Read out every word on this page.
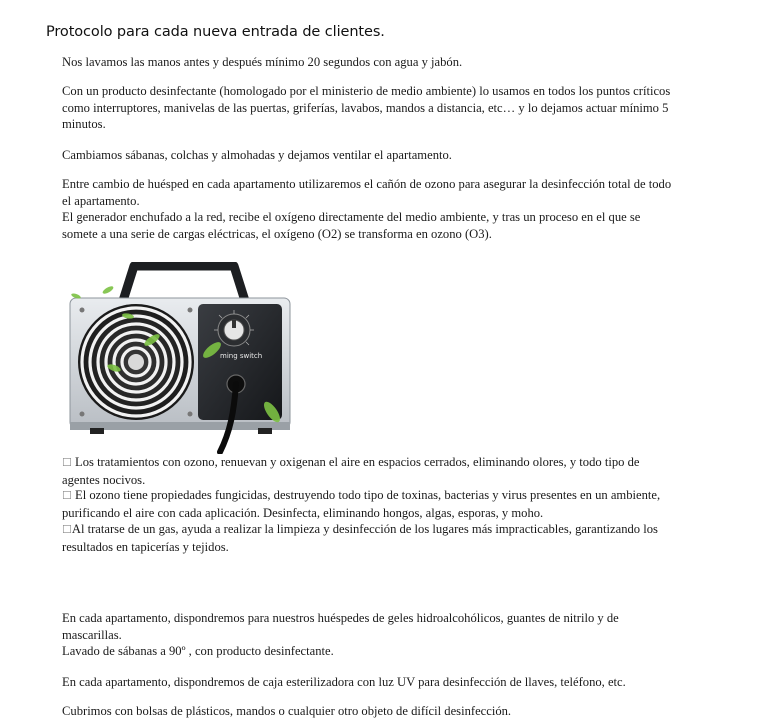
Protocolo para cada nueva entrada de clientes.

Nos lavamos las manos antes y después mínimo 20 segundos con agua y jabón.

Con un producto desinfectante (homologado por el ministerio de medio ambiente) lo usamos en todos los puntos críticos
como interruptores, manivelas de las puertas, griferías, lavabos, mandos a distancia, etc… y lo dejamos actuar mínimo 5
minutos.

Cambiamos sábanas, colchas y almohadas y dejamos ventilar el apartamento.

Entre cambio de huésped en cada apartamento utilizaremos el cañón de ozono para asegurar la desinfección total de todo
el apartamento.
El generador enchufado a la red, recibe el oxígeno directamente del medio ambiente, y tras un proceso en el que se
somete a una serie de cargas eléctricas, el oxígeno (O2) se transforma en ozono (O3).

ming switch

☐ Los tratamientos con ozono, renuevan y oxigenan el aire en espacios cerrados, eliminando olores, y todo tipo de
agentes nocivos.

☐ El ozono tiene propiedades fungicidas, destruyendo todo tipo de toxinas, bacterias y virus presentes en un ambiente,
purificando el aire con cada aplicación. Desinfecta, eliminando hongos, algas, esporas, y moho.

☐Al tratarse de un gas, ayuda a realizar la limpieza y desinfección de los lugares más impracticables, garantizando los
resultados en tapicerías y tejidos.

En cada apartamento, dispondremos para nuestros huéspedes de geles hidroalcohólicos, guantes de nitrilo y de
mascarillas.
Lavado de sábanas a 90º , con producto desinfectante.

En cada apartamento, dispondremos de caja esterilizadora con luz UV para desinfección de llaves, teléfono, etc.

Cubrimos con bolsas de plásticos, mandos o cualquier otro objeto de difícil desinfección.
